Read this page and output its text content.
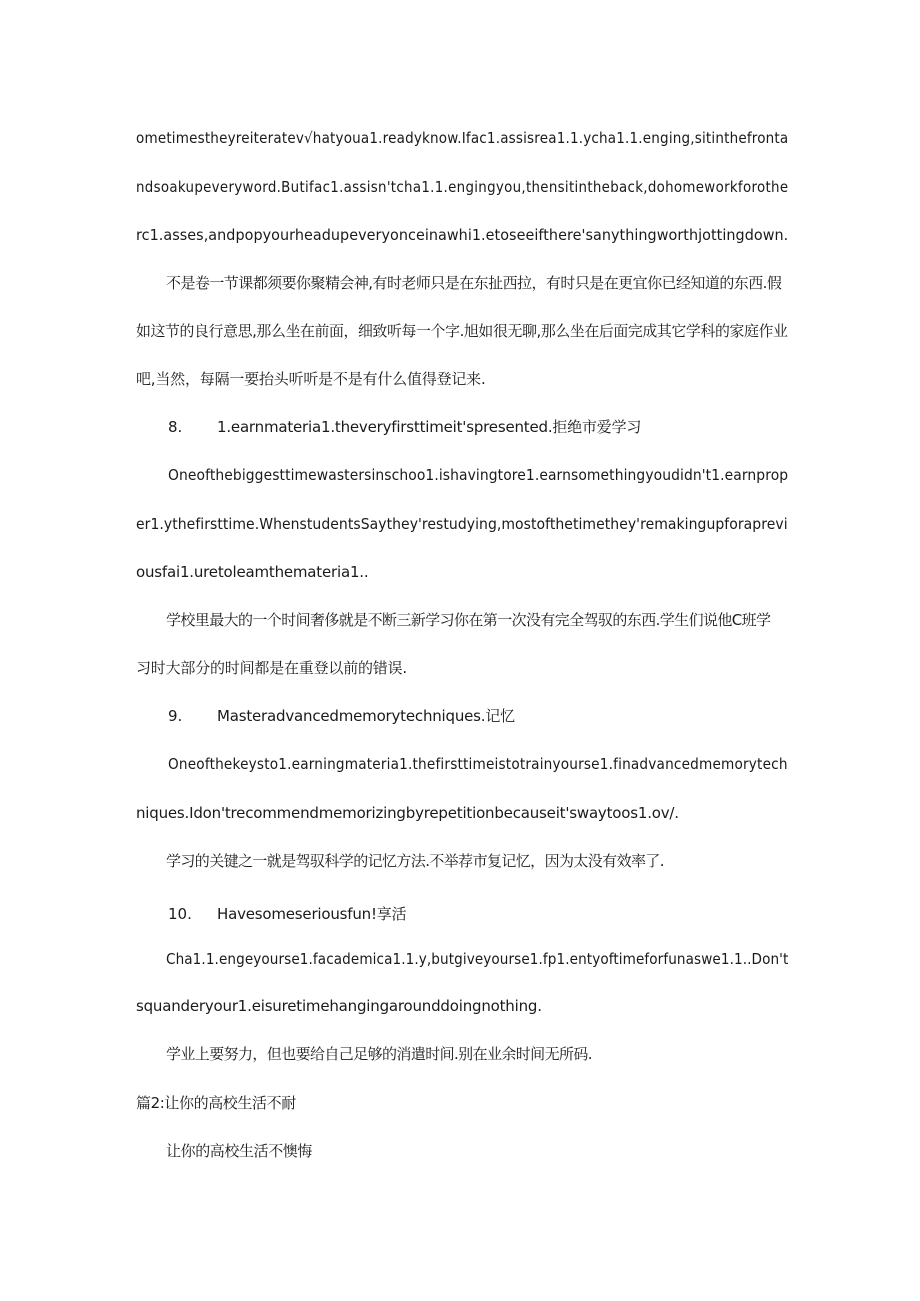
ometimestheyreiteratev√hatyoua1.readyknow.Ifac1.assisrea1.1.ycha1.1.enging,sitinthefronta
ndsoakupeveryword.Butifac1.assisn'tcha1.1.engingyou,thensitintheback,dohomeworkforothe
rc1.asses,andpopyourheadupeveryonceinawhi1.etoseeifthere'sanythingworthjottingdown.
不是卷一节课都须要你聚精会神,有时老师只是在东扯西拉，有时只是在更宜你已经知道的东西.假
如这节的良行意思,那么坐在前面，细致听每一个字.旭如很无聊,那么坐在后面完成其它学科的家庭作业
吧,当然，每隔一要抬头听听是不是有什么值得登记来.
8. 1.earnmateria1.theveryfirsttimeit'spresented.拒绝市爱学习
Oneofthebiggesttimewastersinschoo1.ishavingtore1.earnsomethingyoudidn't1.earnprop
er1.ythefirsttime.WhenstudentsSaythey'restudying,mostofthetimethey'remakingupforaprevi
ousfai1.uretoleamthemateria1..
学校里最大的一个时间奢侈就是不断三新学习你在第一次没有完全驾驭的东西.学生们说他C班学
习时大部分的时间都是在重登以前的错误.
9. Masteradvancedmemorytechniques.记忆
Oneofthekeysto1.earningmateria1.thefirsttimeistotrainyourse1.finadvancedmemorytech
niques.Idon'trecommendmemorizingbyrepetitionbecauseit'swaytoos1.ov/.
学习的关键之一就是驾驭科学的记忆方法.不举荐市复记忆，因为太没有效率了.
10. Havesomeseriousfun!享活
Cha1.1.engeyourse1.facademica1.1.y,butgiveyourse1.fp1.entyoftimeforfunaswe1.1..Don't
squanderyour1.eisuretimehangingarounddoingnothing.
学业上要努力，但也要给自己足够的消遣时间.别在业余时间无所码.
篇2:让你的高校生活不耐
让你的高校生活不懊悔
